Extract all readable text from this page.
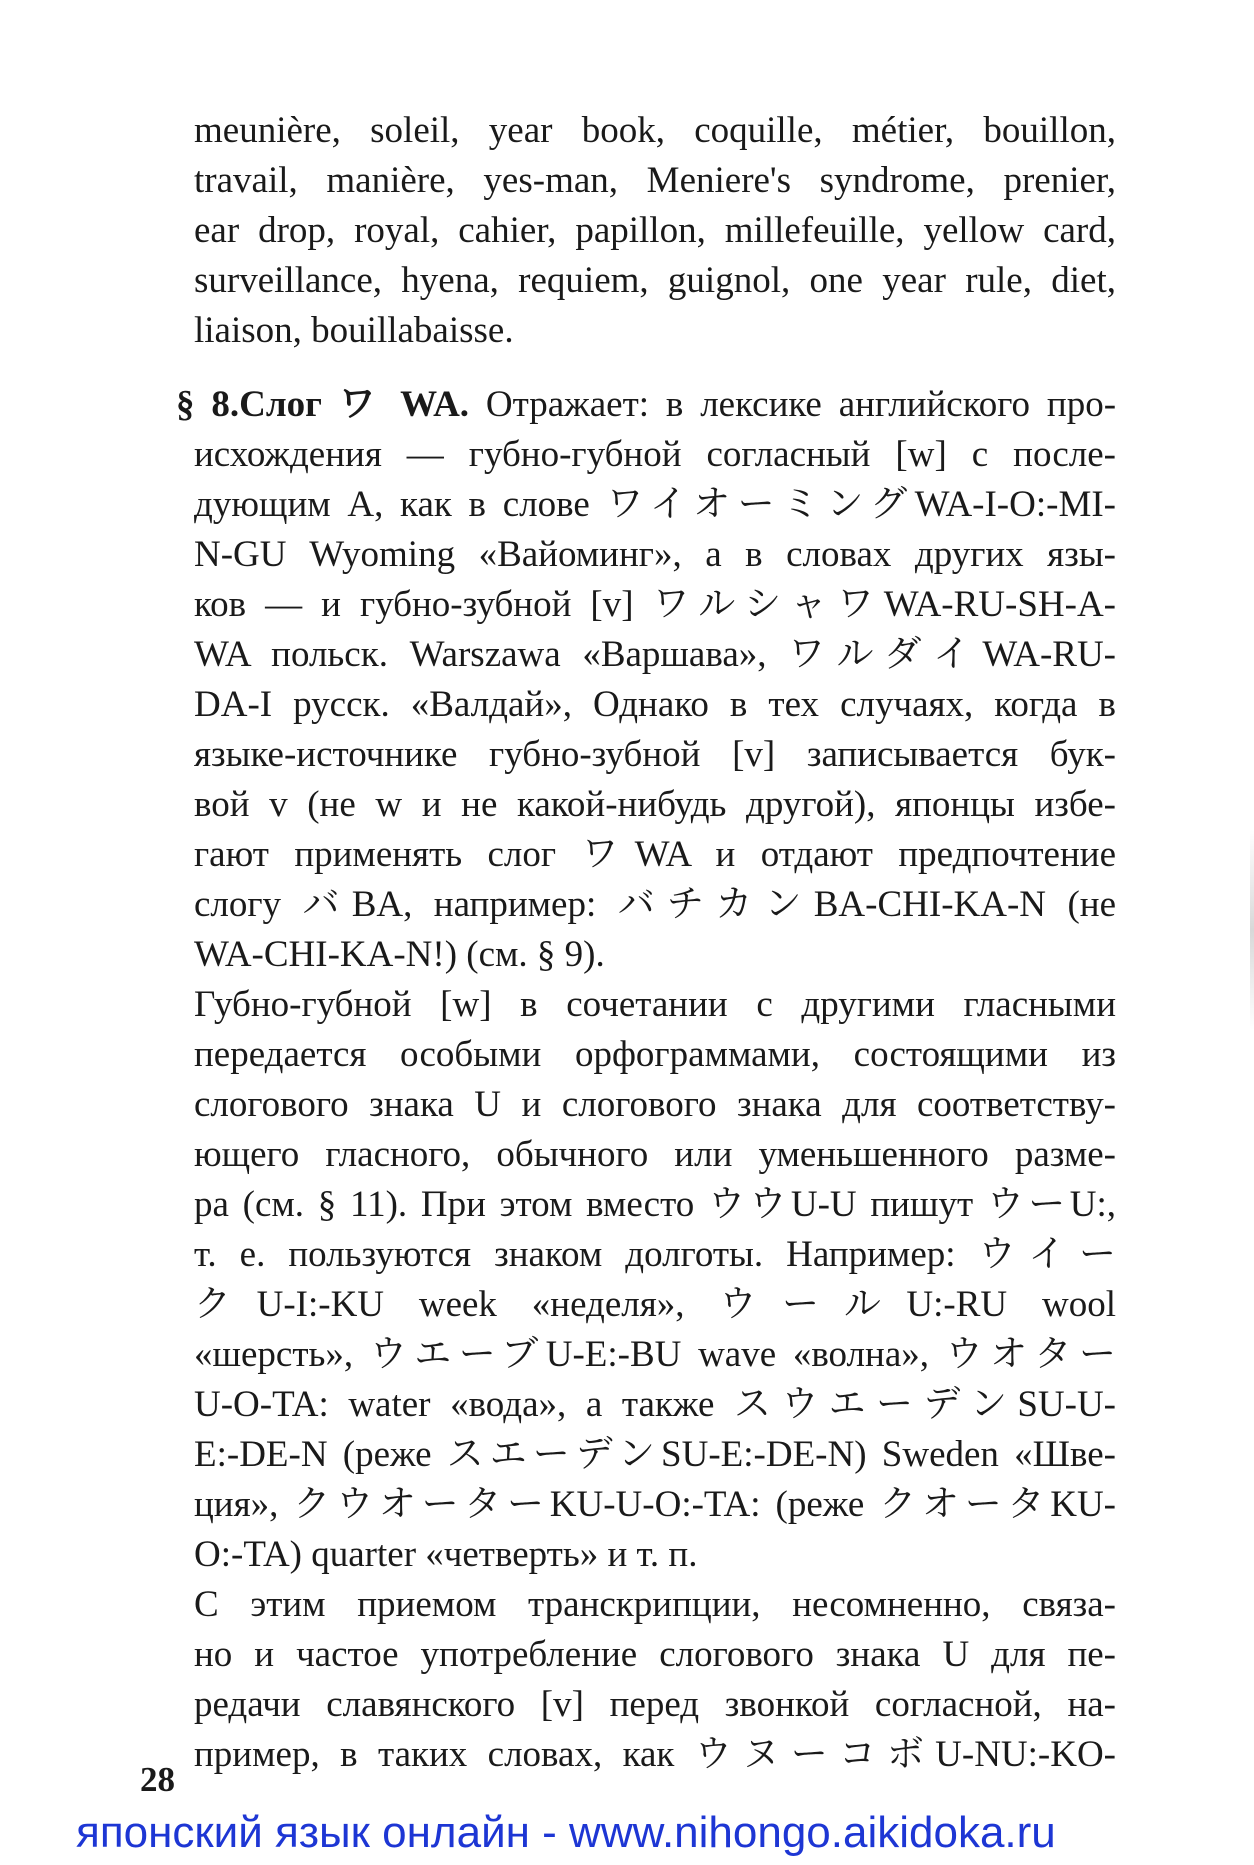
meunière, soleil, year book, coquille, métier, bouillon,
travail, manière, yes-man, Meniere's syndrome, prenier,
ear drop, royal, cahier, papillon, millefeuille, yellow card,
surveillance, hyena, requiem, guignol, one year rule, diet,
liaison, bouillabaisse.
§ 8.Слог ワ WA. Отражает: в лексике английского про-
исхождения — губно-губной согласный [w] с после-
дующим A, как в слове ワイオーミングWA-I-O:-MI-
N-GU Wyoming «Вайоминг», а в словах других язы-
ков — и губно-зубной [v] ワルシャワWA-RU-SH-A-
WA польск. Warszawa «Варшава», ワルダイWA-RU-
DA-I русск. «Валдай», Однако в тех случаях, когда в
языке-источнике губно-зубной [v] записывается бук-
вой v (не w и не какой-нибудь другой), японцы избе-
гают применять слог ワWA и отдают предпочтение
слогу バBA, например: バチカンBA-CHI-KA-N (не
WA-CHI-KA-N!) (см. § 9).
Губно-губной [w] в сочетании с другими гласными
передается особыми орфограммами, состоящими из
слогового знака U и слогового знака для соответству-
ющего гласного, обычного или уменьшенного разме-
ра (см. § 11). При этом вместо ウウU-U пишут ウーU:,
т. е. пользуются знаком долготы. Например: ウイー
クU-I:-KU week «неделя», ウールU:-RU wool
«шерсть», ウエーブU-E:-BU wave «волна», ウオター
U-O-TA: water «вода», а также スウエーデンSU-U-
E:-DE-N (реже スエーデンSU-E:-DE-N) Sweden «Шве-
ция», クウオーターKU-U-O:-TA: (реже クオータKU-
O:-TA) quarter «четверть» и т. п.
С этим приемом транскрипции, несомненно, связа-
но и частое употребление слогового знака U для пе-
редачи славянского [v] перед звонкой согласной, на-
пример, в таких словах, как ウヌーコボU-NU:-KO-
28
японский язык онлайн - www.nihongo.aikidoka.ru
